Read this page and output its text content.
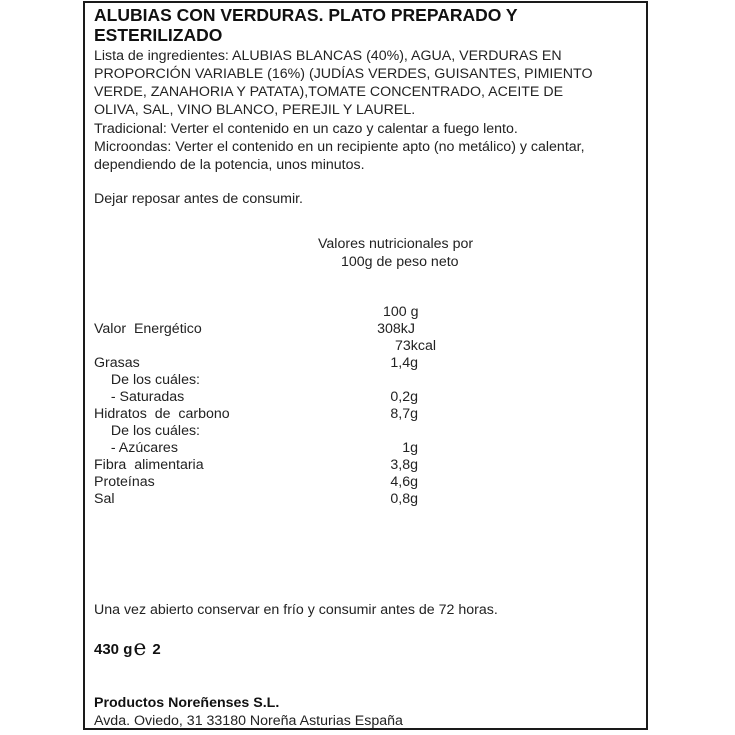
ALUBIAS CON VERDURAS. PLATO PREPARADO Y
ESTERILIZADO
Lista de ingredientes: ALUBIAS BLANCAS (40%), AGUA, VERDURAS EN
PROPORCIÓN VARIABLE (16%) (JUDÍAS VERDES, GUISANTES, PIMIENTO
VERDE, ZANAHORIA Y PATATA),TOMATE CONCENTRADO, ACEITE DE
OLIVA, SAL, VINO BLANCO, PEREJIL Y LAUREL.
Tradicional: Verter el contenido en un cazo y calentar a fuego lento.
Microondas: Verter el contenido en un recipiente apto (no metálico) y calentar,
dependiendo de la potencia, unos minutos.
Dejar reposar antes de consumir.
Valores nutricionales por
100g de peso neto
100 g
Valor  Energético	308kJ
73kcal
Grasas	1,4g
De los cuáles:
- Saturadas	0,2g
Hidratos  de  carbono	8,7g
De los cuáles:
- Azúcares	1g
Fibra  alimentaria	3,8g
Proteínas	4,6g
Sal	0,8g
Una vez abierto conservar en frío y consumir antes de 72 horas.
430 ge 2
Productos Noreñenses S.L.
Avda. Oviedo, 31 33180 Noreña Asturias España
